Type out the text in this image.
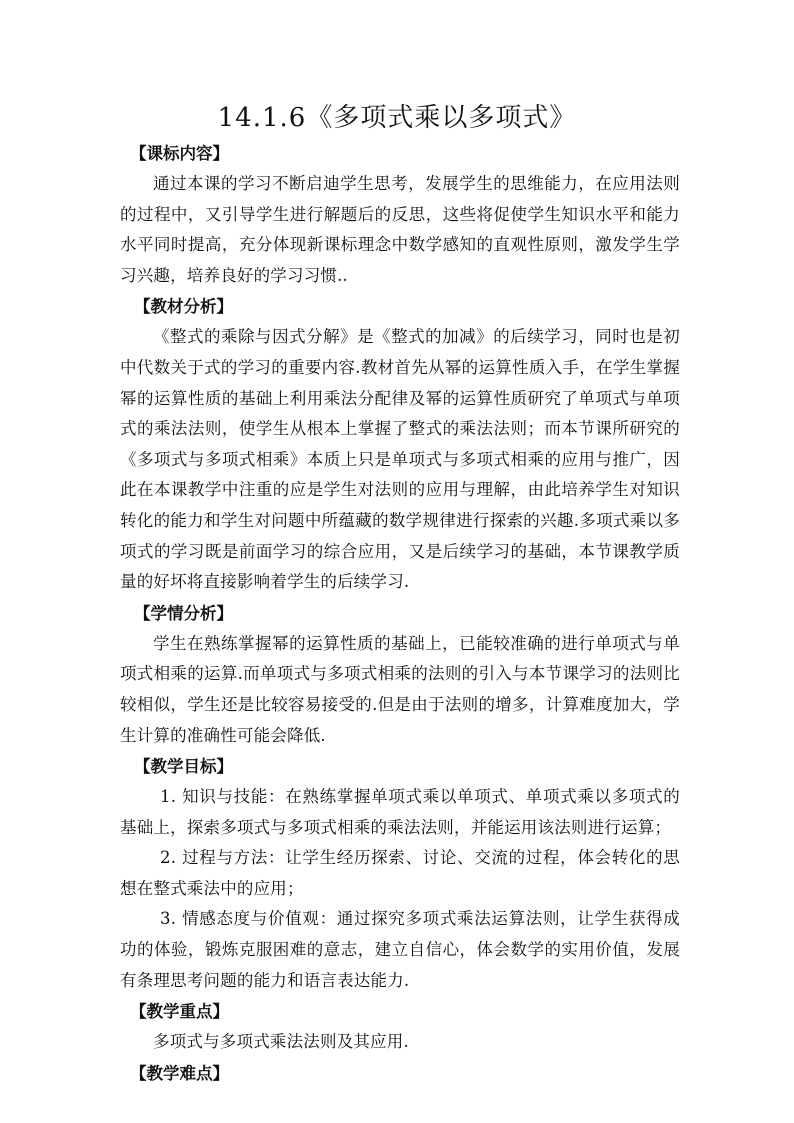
14.1.6《多项式乘以多项式》
【课标内容】

通过本课的学习不断启迪学生思考，发展学生的思维能力，在应用法则的过程中，又引导学生进行解题后的反思，这些将促使学生知识水平和能力水平同时提高，充分体现新课标理念中数学感知的直观性原则，激发学生学习兴趣，培养良好的学习习惯..

【教材分析】

《整式的乘除与因式分解》是《整式的加减》的后续学习，同时也是初中代数关于式的学习的重要内容.教材首先从幂的运算性质入手，在学生掌握幂的运算性质的基础上利用乘法分配律及幂的运算性质研究了单项式与单项式的乘法法则，使学生从根本上掌握了整式的乘法法则；而本节课所研究的《多项式与多项式相乘》本质上只是单项式与多项式相乘的应用与推广，因此在本课教学中注重的应是学生对法则的应用与理解，由此培养学生对知识转化的能力和学生对问题中所蕴藏的数学规律进行探索的兴趣.多项式乘以多项式的学习既是前面学习的综合应用，又是后续学习的基础，本节课教学质量的好坏将直接影响着学生的后续学习.

【学情分析】

学生在熟练掌握幂的运算性质的基础上，已能较准确的进行单项式与单项式相乘的运算.而单项式与多项式相乘的法则的引入与本节课学习的法则比较相似，学生还是比较容易接受的.但是由于法则的增多，计算难度加大，学生计算的准确性可能会降低.

【教学目标】

1. 知识与技能：在熟练掌握单项式乘以单项式、单项式乘以多项式的基础上，探索多项式与多项式相乘的乘法法则，并能运用该法则进行运算；

2. 过程与方法：让学生经历探索、讨论、交流的过程，体会转化的思想在整式乘法中的应用；

3. 情感态度与价值观：通过探究多项式乘法运算法则，让学生获得成功的体验，锻炼克服困难的意志，建立自信心，体会数学的实用价值，发展有条理思考问题的能力和语言表达能力.

【教学重点】

多项式与多项式乘法法则及其应用.

【教学难点】
